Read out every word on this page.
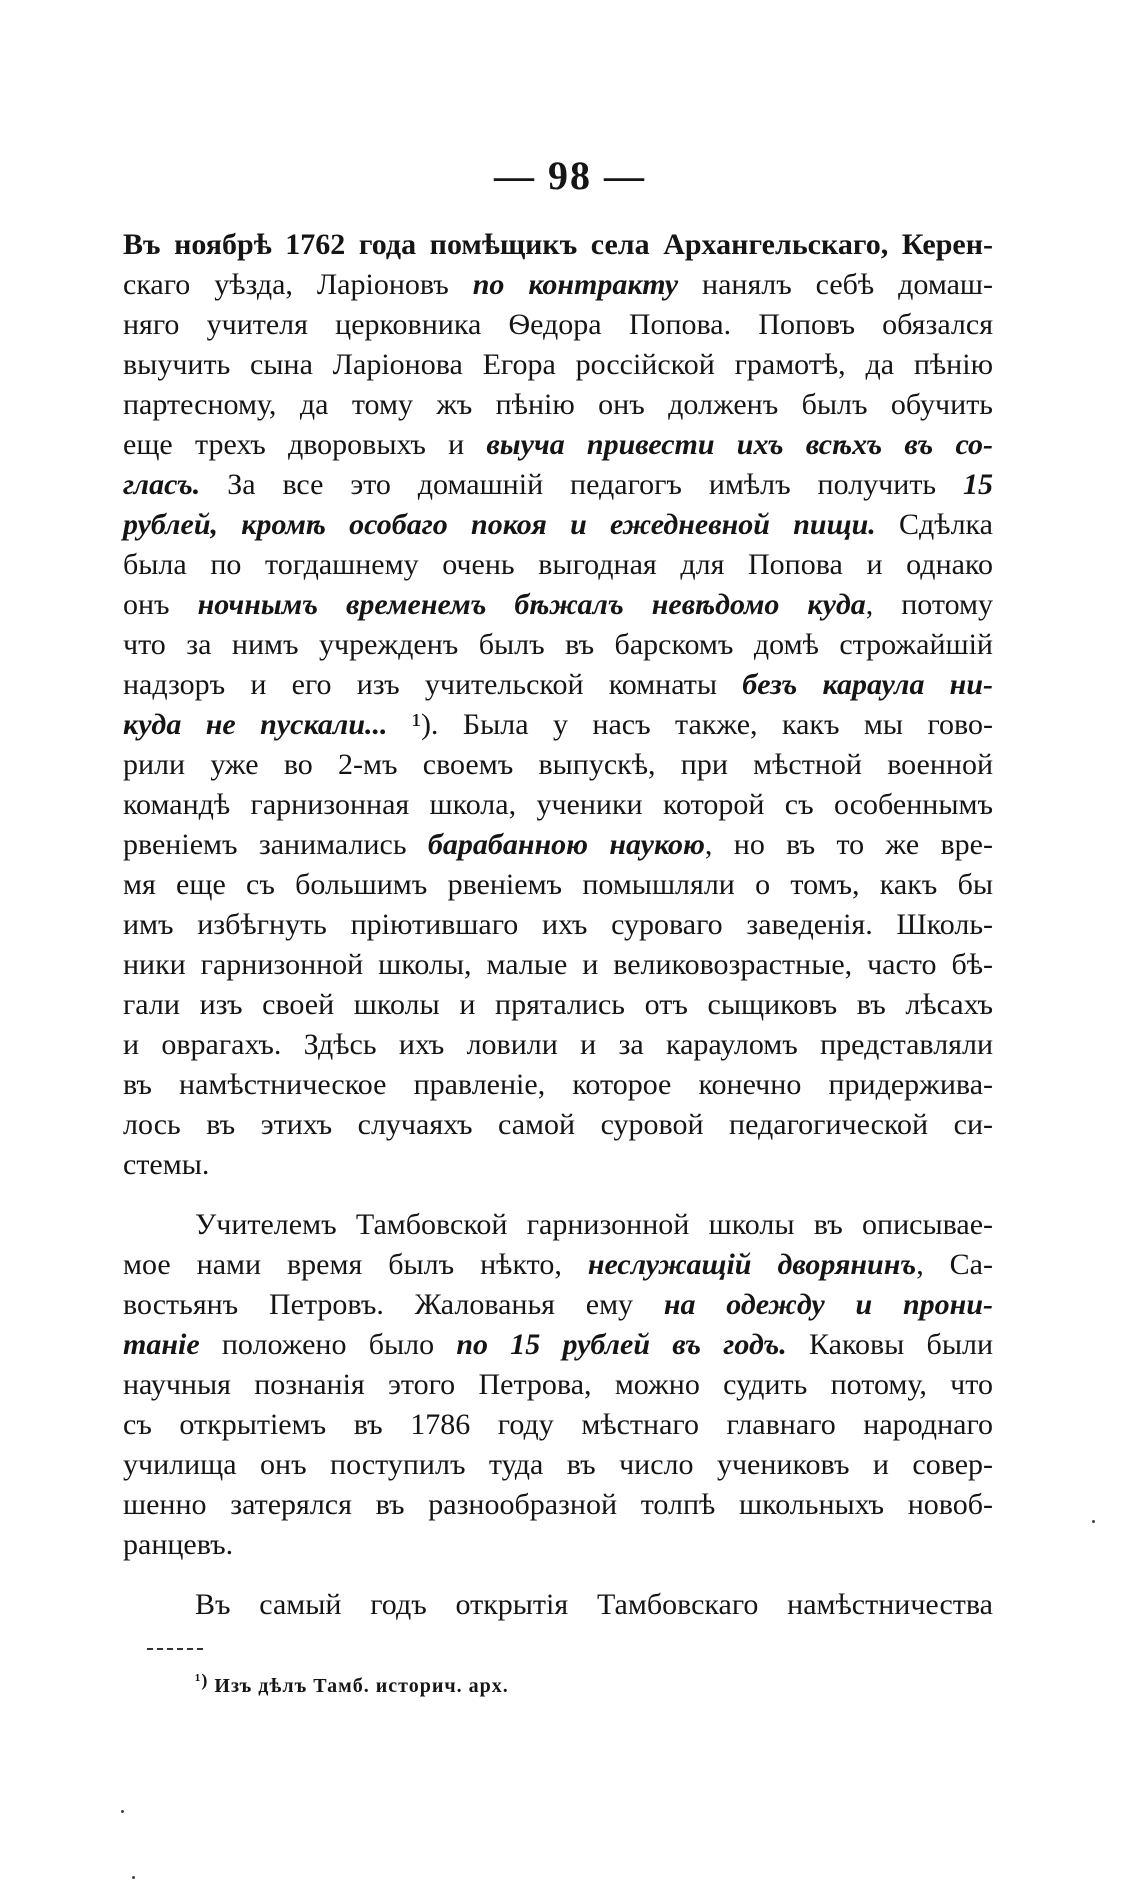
— 98 —
Въ ноябрѣ 1762 года помѣщикъ села Архангельскаго, Керен-
скаго уѣзда, Ларіоновъ по контракту нанялъ себѣ домаш-
няго учителя церковника Ѳедора Попова. Поповъ обязался
выучить сына Ларіонова Егора россійской грамотѣ, да пѣнію
партесному, да тому жъ пѣнію онъ долженъ былъ обучить
еще трехъ дворовыхъ и выуча привести ихъ всѣхъ въ со-
гласъ. За все это домашній педагогъ имѣлъ получить 15
рублей, кромѣ особаго покоя и ежедневной пищи. Сдѣлка
была по тогдашнему очень выгодная для Попова и однако
онъ ночнымъ временемъ бѣжалъ невѣдомо куда, потому
что за нимъ учрежденъ былъ въ барскомъ домѣ строжайшій
надзоръ и его изъ учительской комнаты безъ караула ни-
куда не пускали... ¹). Была у насъ также, какъ мы гово-
рили уже во 2-мъ своемъ выпускѣ, при мѣстной военной
командѣ гарнизонная школа, ученики которой съ особеннымъ
рвеніемъ занимались барабанною наукою, но въ то же вре-
мя еще съ большимъ рвеніемъ помышляли о томъ, какъ бы
имъ избѣгнуть пріютившаго ихъ суроваго заведенія. Школь-
ники гарнизонной школы, малые и великовозрастные, часто бѣ-
гали изъ своей школы и прятались отъ сыщиковъ въ лѣсахъ
и оврагахъ. Здѣсь ихъ ловили и за карауломъ представляли
въ намѣстническое правленіе, которое конечно придержива-
лось въ этихъ случаяхъ самой суровой педагогической си-
стемы.
Учителемъ Тамбовской гарнизонной школы въ описывае-
мое нами время былъ нѣкто, неслужащій дворянинъ, Са-
востьянъ Петровъ. Жалованья ему на одежду и прони-
таніе положено было по 15 рублей въ годъ. Каковы были
научныя познанія этого Петрова, можно судить потому, что
съ открытіемъ въ 1786 году мѣстнаго главнаго народнаго
училища онъ поступилъ туда въ число учениковъ и совер-
шенно затерялся въ разнообразной толпѣ школьныхъ новоб-
ранцевъ.
Въ самый годъ открытія Тамбовскаго намѣстничества
¹) Изъ дѣлъ Тамб. историч. арх.
